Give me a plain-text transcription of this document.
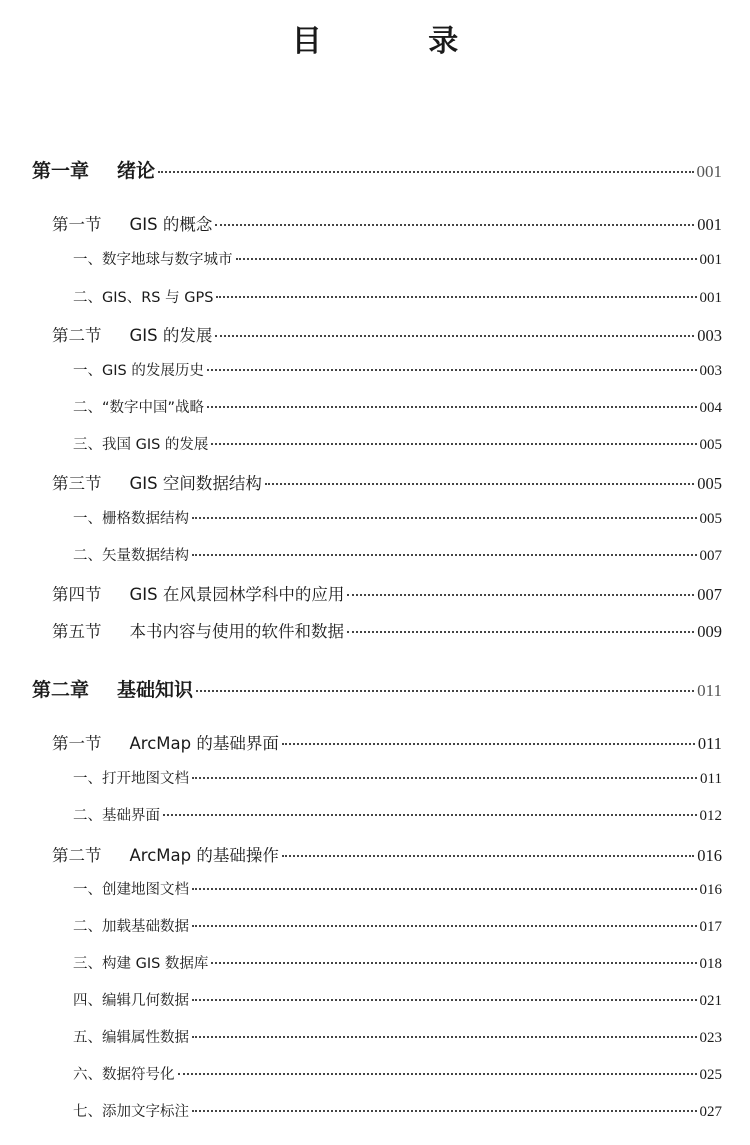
目 录
第一章 绪论	001
第一节 GIS 的概念	001
一、数字地球与数字城市	001
二、GIS、RS 与 GPS	001
第二节 GIS 的发展	003
一、GIS 的发展历史	003
二、“数字中国”战略	004
三、我国 GIS 的发展	005
第三节 GIS 空间数据结构	005
一、栅格数据结构	005
二、矢量数据结构	007
第四节 GIS 在风景园林学科中的应用	007
第五节 本书内容与使用的软件和数据	009
第二章 基础知识	011
第一节 ArcMap 的基础界面	011
一、打开地图文档	011
二、基础界面	012
第二节 ArcMap 的基础操作	016
一、创建地图文档	016
二、加载基础数据	017
三、构建 GIS 数据库	018
四、编辑几何数据	021
五、编辑属性数据	023
六、数据符号化	025
七、添加文字标注	027
